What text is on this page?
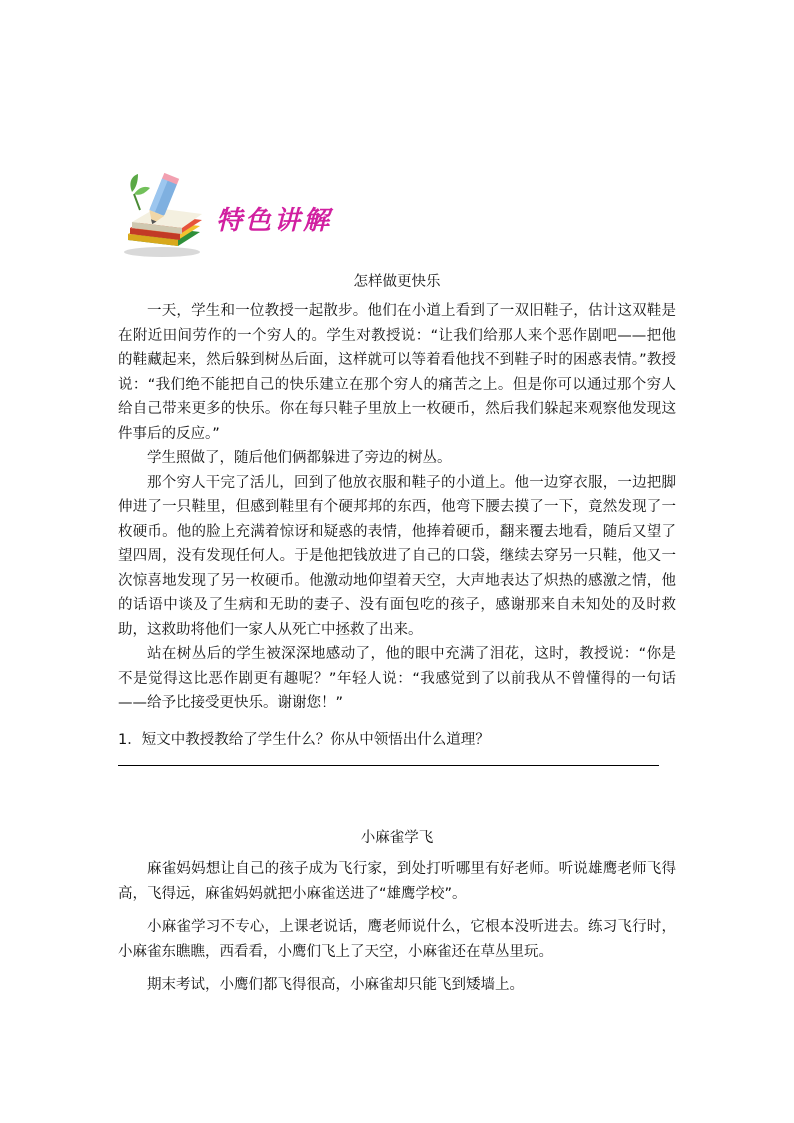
特色讲解

怎样做更快乐

一天，学生和一位教授一起散步。他们在小道上看到了一双旧鞋子，估计这双鞋是在附近田间劳作的一个穷人的。学生对教授说：“让我们给那人来个恶作剧吧——把他的鞋藏起来，然后躲到树丛后面，这样就可以等着看他找不到鞋子时的困惑表情。”教授说：“我们绝不能把自己的快乐建立在那个穷人的痛苦之上。但是你可以通过那个穷人给自己带来更多的快乐。你在每只鞋子里放上一枚硬币，然后我们躲起来观察他发现这件事后的反应。”

学生照做了，随后他们俩都躲进了旁边的树丛。

那个穷人干完了活儿，回到了他放衣服和鞋子的小道上。他一边穿衣服，一边把脚伸进了一只鞋里，但感到鞋里有个硬邦邦的东西，他弯下腰去摸了一下，竟然发现了一枚硬币。他的脸上充满着惊讶和疑惑的表情，他捧着硬币，翻来覆去地看，随后又望了望四周，没有发现任何人。于是他把钱放进了自己的口袋，继续去穿另一只鞋，他又一次惊喜地发现了另一枚硬币。他激动地仰望着天空，大声地表达了炽热的感激之情，他的话语中谈及了生病和无助的妻子、没有面包吃的孩子，感谢那来自未知处的及时救助，这救助将他们一家人从死亡中拯救了出来。

站在树丛后的学生被深深地感动了，他的眼中充满了泪花，这时，教授说：“你是不是觉得这比恶作剧更有趣呢？”年轻人说：“我感觉到了以前我从不曾懂得的一句话——给予比接受更快乐。谢谢您！”

1．短文中教授教给了学生什么？你从中领悟出什么道理？

小麻雀学飞

麻雀妈妈想让自己的孩子成为飞行家，到处打听哪里有好老师。听说雄鹰老师飞得高，飞得远，麻雀妈妈就把小麻雀送进了“雄鹰学校”。

小麻雀学习不专心，上课老说话，鹰老师说什么，它根本没听进去。练习飞行时，小麻雀东瞧瞧，西看看，小鹰们飞上了天空，小麻雀还在草丛里玩。

期末考试，小鹰们都飞得很高，小麻雀却只能飞到矮墙上。
